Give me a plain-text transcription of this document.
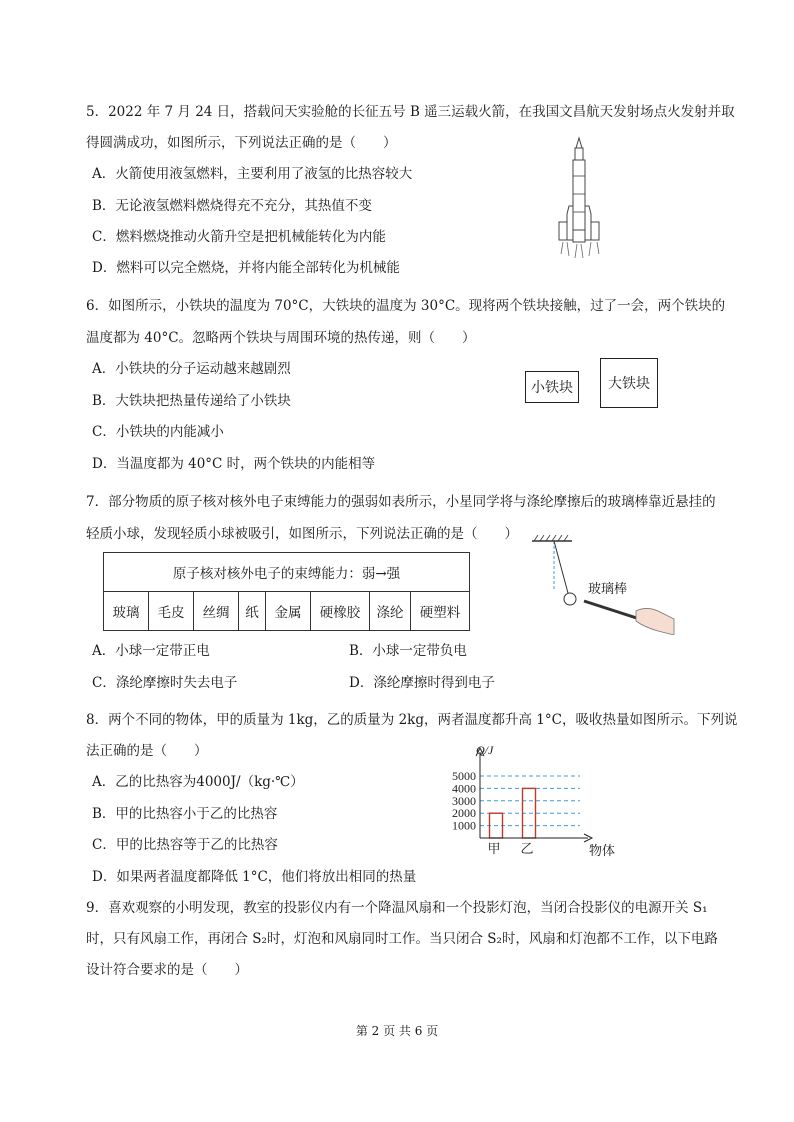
5．2022 年 7 月 24 日，搭载问天实验舱的长征五号 B 遥三运载火箭，在我国文昌航天发射场点火发射并取
得圆满成功，如图所示，下列说法正确的是（　　）
A．火箭使用液氢燃料，主要利用了液氢的比热容较大
B．无论液氢燃料燃烧得充不充分，其热值不变
C．燃料燃烧推动火箭升空是把机械能转化为内能
D．燃料可以完全燃烧，并将内能全部转化为机械能
6．如图所示，小铁块的温度为 70°C，大铁块的温度为 30°C。现将两个铁块接触，过了一会，两个铁块的
温度都为 40°C。忽略两个铁块与周围环境的热传递，则（　　）
A．小铁块的分子运动越来越剧烈
B．大铁块把热量传递给了小铁块
C．小铁块的内能减小
D．当温度都为 40°C 时，两个铁块的内能相等
小铁块	大铁块
7．部分物质的原子核对核外电子束缚能力的强弱如表所示，小星同学将与涤纶摩擦后的玻璃棒靠近悬挂的
轻质小球，发现轻质小球被吸引，如图所示，下列说法正确的是（　　）
原子核对核外电子的束缚能力：弱→强
玻璃	毛皮	丝绸	纸	金属	硬橡胶	涤纶	硬塑料
玻璃棒
A．小球一定带正电	B．小球一定带负电
C．涤纶摩擦时失去电子	D．涤纶摩擦时得到电子
8．两个不同的物体，甲的质量为 1kg，乙的质量为 2kg，两者温度都升高 1°C，吸收热量如图所示。下列说
法正确的是（　　）
A．乙的比热容为4000J/（kg·℃）
B．甲的比热容小于乙的比热容
C．甲的比热容等于乙的比热容
D．如果两者温度都降低 1°C，他们将放出相同的热量
1000
2000
3000
4000
5000
甲 乙
Q/J
物体
9．喜欢观察的小明发现，教室的投影仪内有一个降温风扇和一个投影灯泡，当闭合投影仪的电源开关 S₁
时，只有风扇工作，再闭合 S₂时，灯泡和风扇同时工作。当只闭合 S₂时，风扇和灯泡都不工作，以下电路
设计符合要求的是（　　）
第 2 页 共 6 页
